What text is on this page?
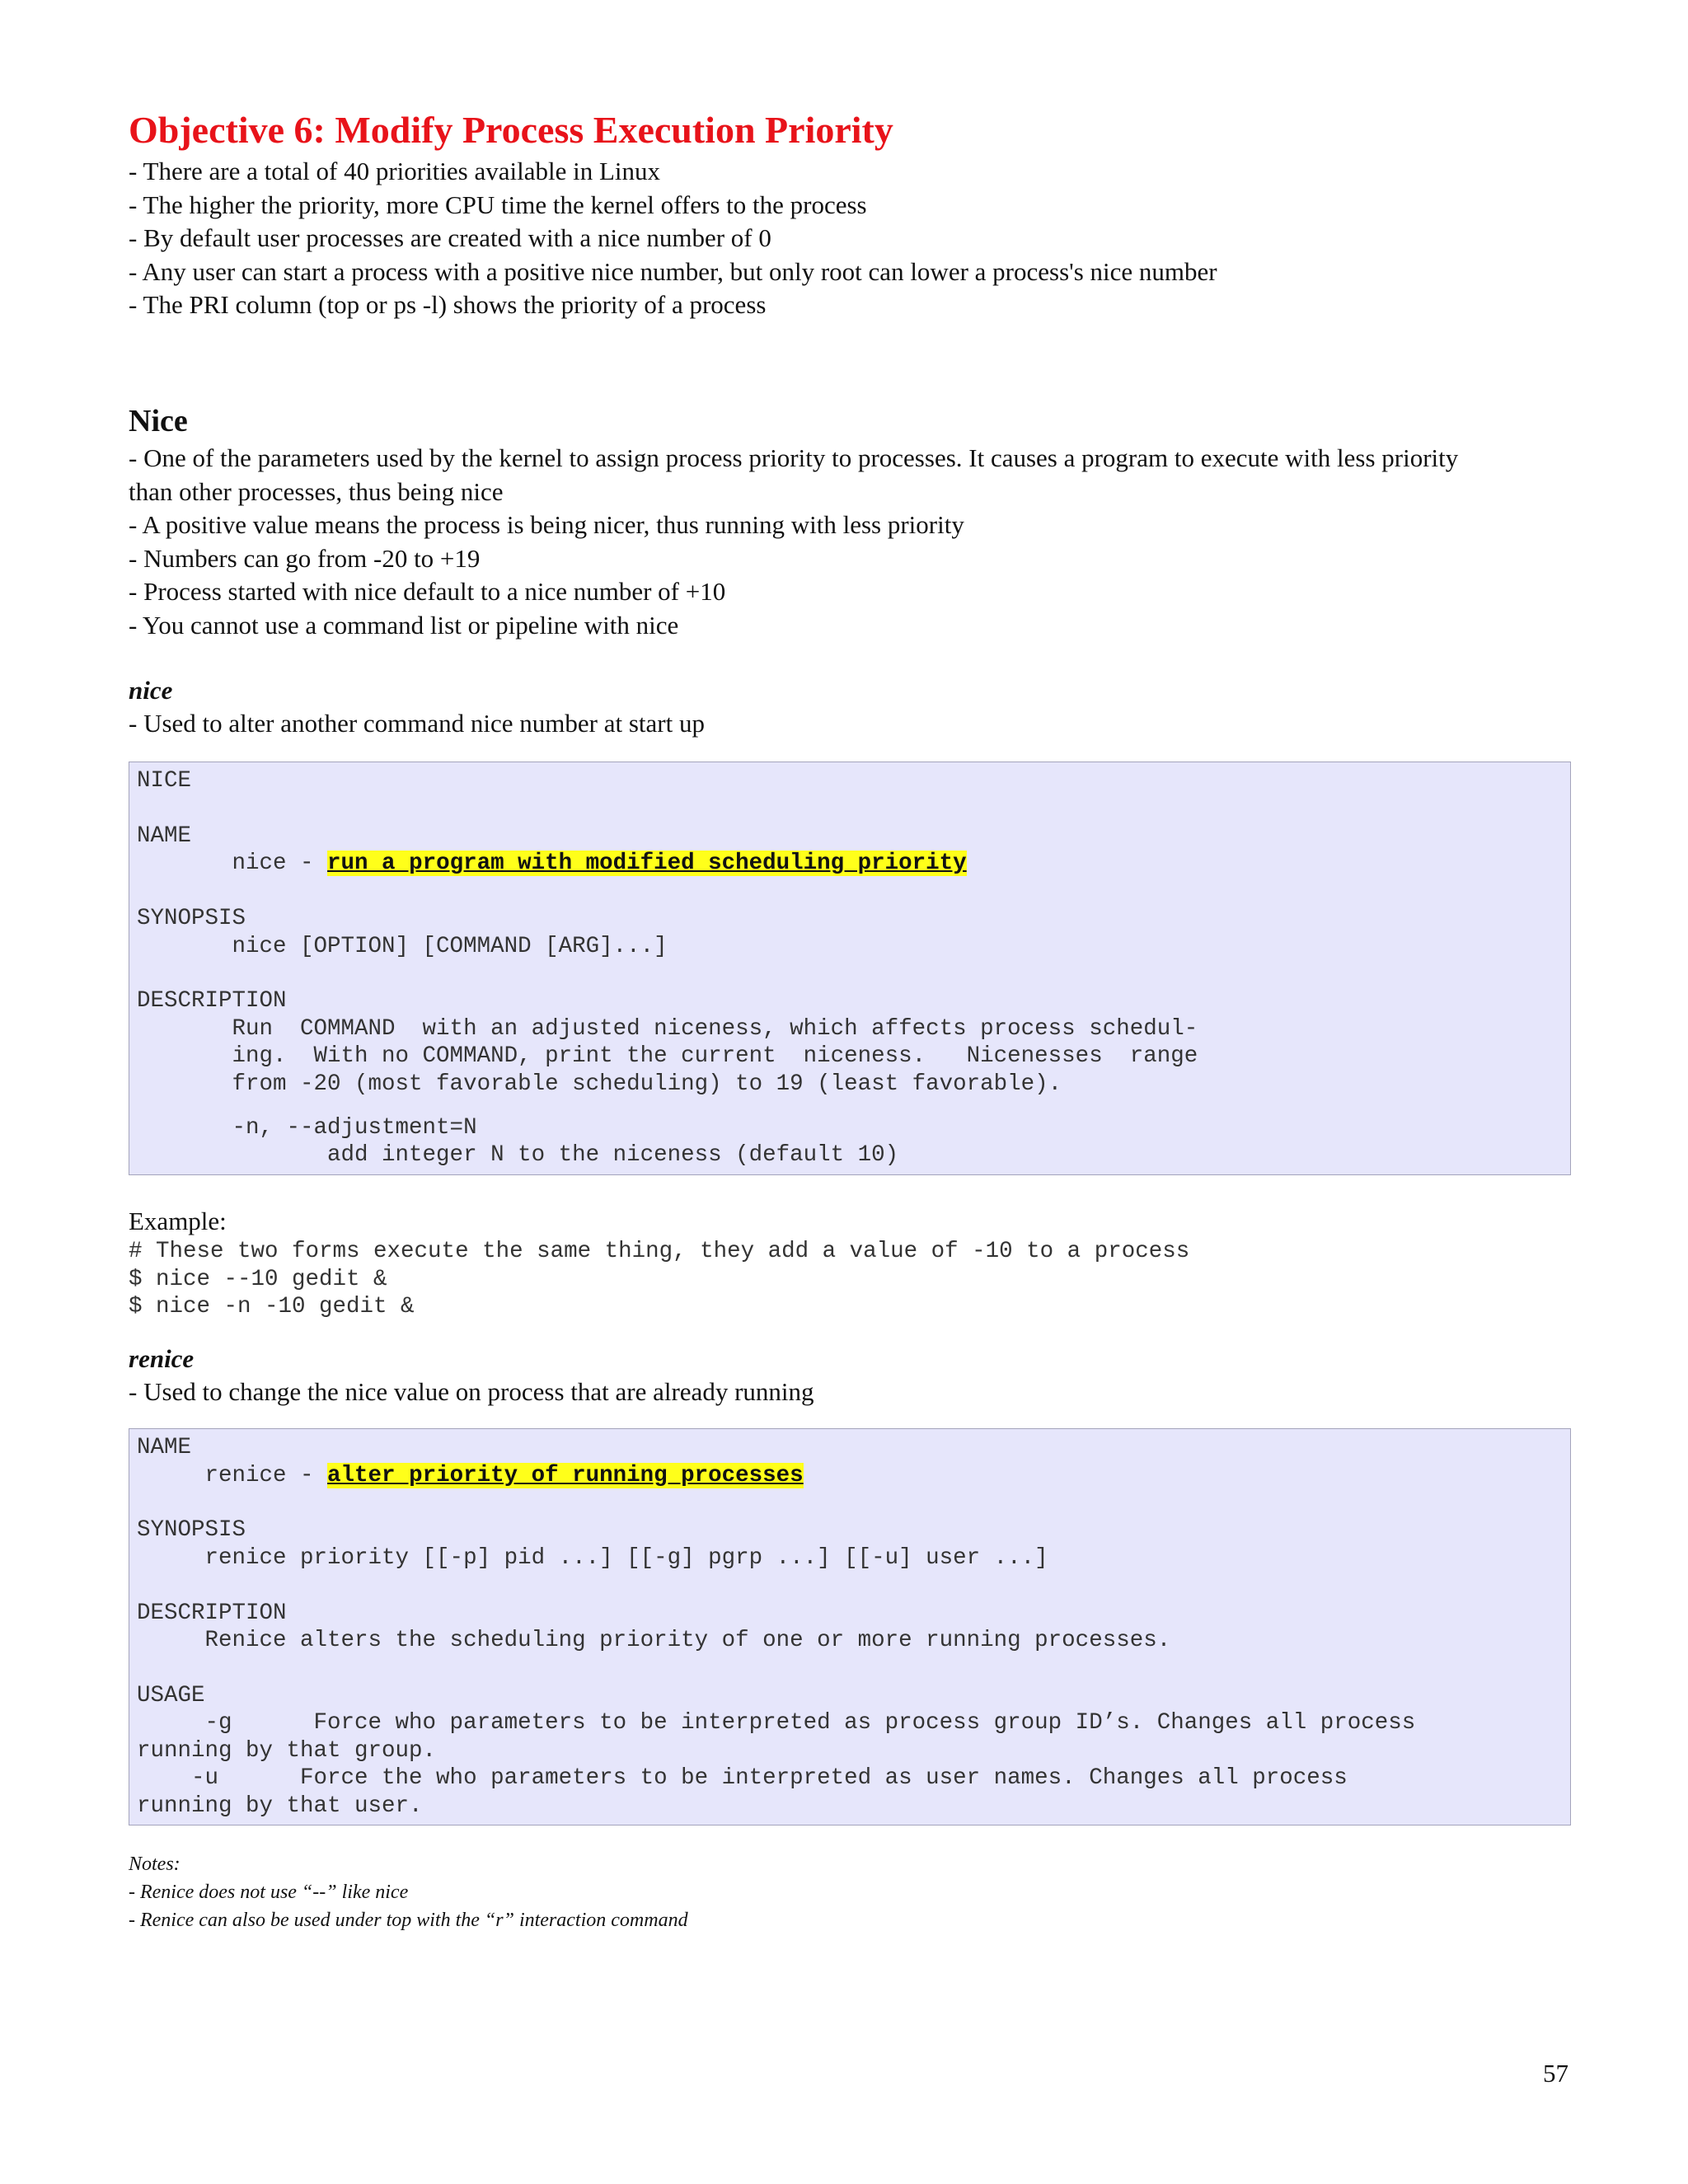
Objective 6: Modify Process Execution Priority

- There are a total of 40 priorities available in Linux

- The higher the priority, more CPU time the kernel offers to the process

- By default user processes are created with a nice number of 0

- Any user can start a process with a positive nice number, but only root can lower a process's nice number

- The PRI column (top or ps -l) shows the priority of a process

Nice

- One of the parameters used by the kernel to assign process priority to processes. It causes a program to execute with less priority

than other processes, thus being nice

- A positive value means the process is being nicer, thus running with less priority

- Numbers can go from -20 to +19

- Process started with nice default to a nice number of +10

- You cannot use a command list or pipeline with nice

nice

- Used to alter another command nice number at start up

NICE

NAME

nice - run a program with modified scheduling priority

SYNOPSIS

nice [OPTION] [COMMAND [ARG]...]

DESCRIPTION

Run  COMMAND  with an adjusted niceness, which affects process schedul-

ing.  With no COMMAND, print the current  niceness.   Nicenesses  range

from -20 (most favorable scheduling) to 19 (least favorable).

-n, --adjustment=N

add integer N to the niceness (default 10)

Example:

# These two forms execute the same thing, they add a value of -10 to a process

$ nice --10 gedit &

$ nice -n -10 gedit &

renice

- Used to change the nice value on process that are already running

NAME

renice - alter priority of running processes

SYNOPSIS

renice priority [[-p] pid ...] [[-g] pgrp ...] [[-u] user ...]

DESCRIPTION

Renice alters the scheduling priority of one or more running processes.

USAGE

-g      Force who parameters to be interpreted as process group ID’s. Changes all process

running by that group.

-u      Force the who parameters to be interpreted as user names. Changes all process

running by that user.

Notes:

- Renice does not use “--” like nice

- Renice can also be used under top with the “r” interaction command

57
